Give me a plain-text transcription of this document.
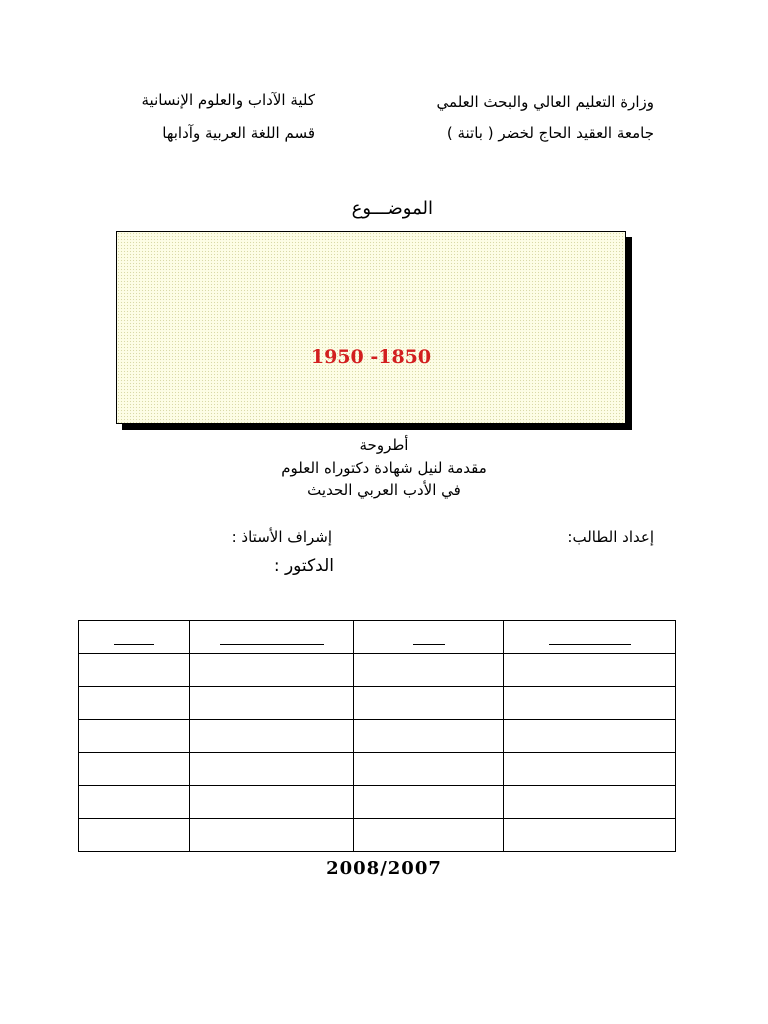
وزارة التعليم العالي والبحث العلمي
كلية الآداب والعلوم الإنسانية
جامعة العقيد الحاج لخضر ( باتنة )
قسم اللغة العربية وآدابها
الموضـــوع
1950 -1850
أطروحة
مقدمة لنيل شهادة دكتوراه العلوم
في الأدب العربي الحديث
إعداد الطالب:
إشراف الأستاذ :
الدكتور :

2008/2007
